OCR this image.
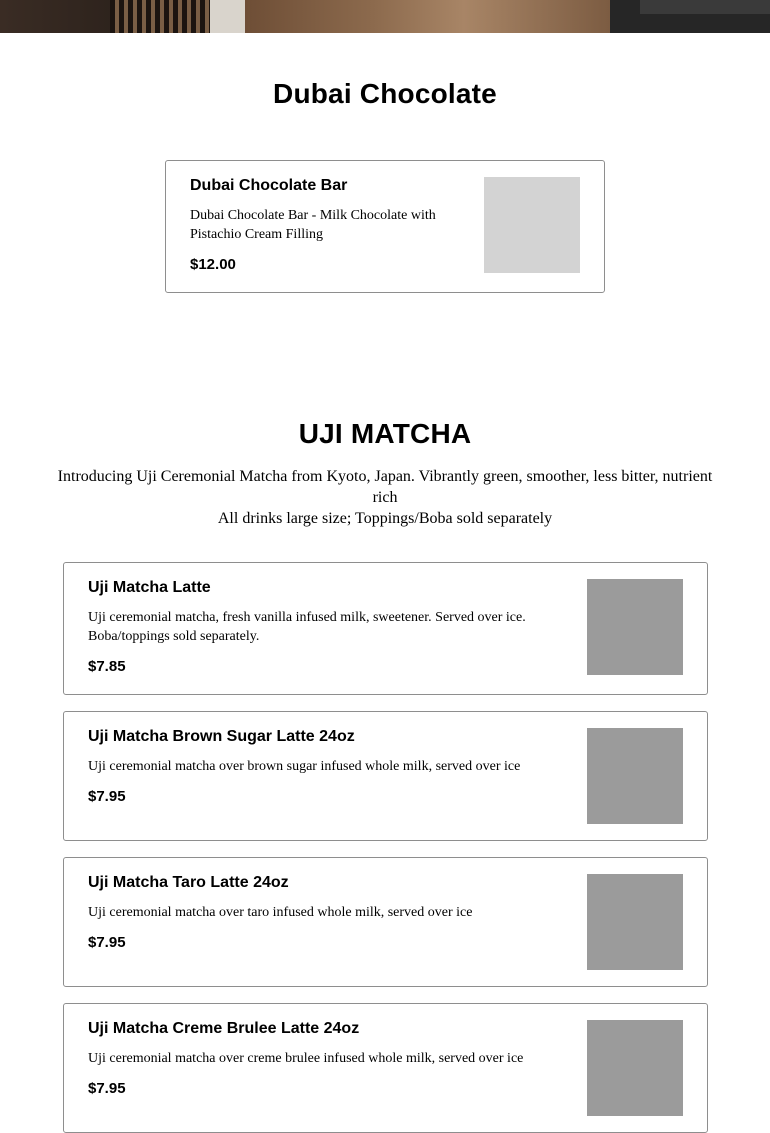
Dubai Chocolate
Dubai Chocolate Bar
Dubai Chocolate Bar - Milk Chocolate with Pistachio Cream Filling
$12.00
UJI MATCHA

Introducing Uji Ceremonial Matcha from Kyoto, Japan. Vibrantly green, smoother, less bitter, nutrient rich

All drinks large size; Toppings/Boba sold separately

Uji Matcha Latte
Uji ceremonial matcha, fresh vanilla infused milk, sweetener. Served over ice. Boba/toppings sold separately.
$7.85
Uji Matcha Brown Sugar Latte 24oz
Uji ceremonial matcha over brown sugar infused whole milk, served over ice
$7.95
Uji Matcha Taro Latte 24oz
Uji ceremonial matcha over taro infused whole milk, served over ice
$7.95
Uji Matcha Creme Brulee Latte 24oz
Uji ceremonial matcha over creme brulee infused whole milk, served over ice
$7.95
